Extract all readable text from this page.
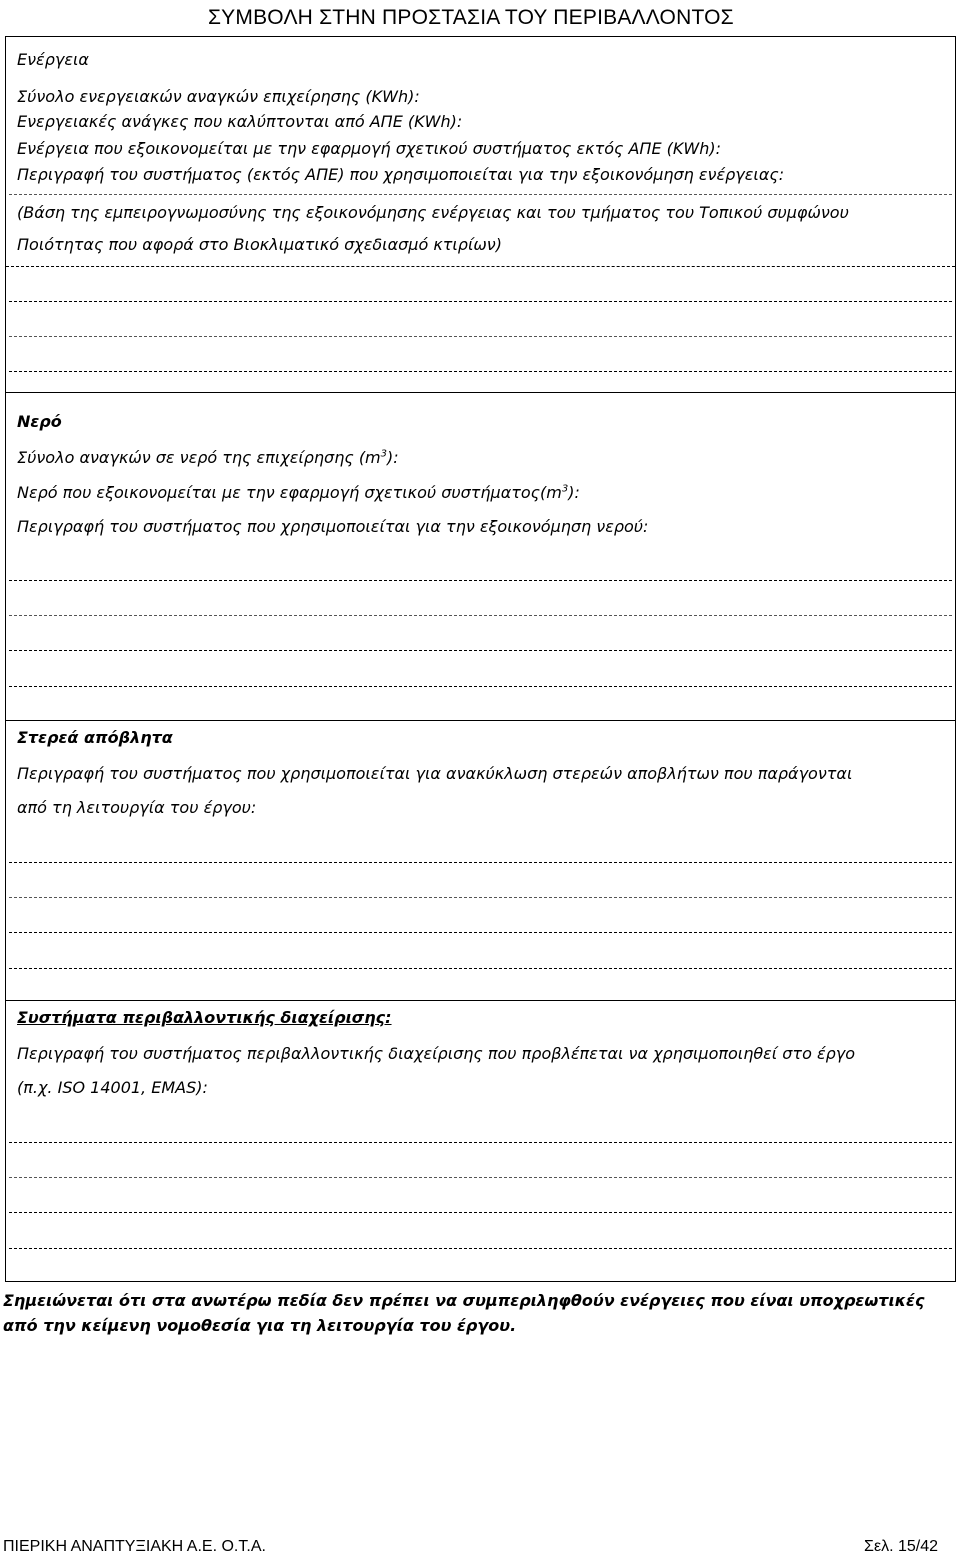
ΣΥΜΒΟΛΗ ΣΤΗΝ ΠΡΟΣΤΑΣΙΑ ΤΟΥ ΠΕΡΙΒΑΛΛΟΝΤΟΣ
Ενέργεια
Σύνολο ενεργειακών αναγκών επιχείρησης (KWh):
Ενεργειακές ανάγκες που καλύπτονται από ΑΠΕ (KWh):
Ενέργεια που εξοικονομείται με την εφαρμογή σχετικού συστήματος εκτός ΑΠΕ (KWh):
Περιγραφή του συστήματος (εκτός ΑΠΕ) που χρησιμοποιείται για την εξοικονόμηση ενέργειας:
(Βάση της εμπειρογνωμοσύνης της εξοικονόμησης ενέργειας και του τμήματος του Τοπικού συμφώνου
Ποιότητας που αφορά στο Βιοκλιματικό σχεδιασμό κτιρίων)
Νερό
Σύνολο αναγκών σε νερό της επιχείρησης $(m^3)$:
Νερό που εξοικονομείται με την εφαρμογή σχετικού $\sigma\upsilon\sigma\tau ή\mu\alpha\tau o\varsigma(m^3)$:
Περιγραφή του συστήματος που χρησιμοποιείται για την εξοικονόμηση νερού:
Στερεά απόβλητα
Περιγραφή του συστήματος που χρησιμοποιείται για ανακύκλωση στερεών αποβλήτων που παράγονται
από τη λειτουργία του έργου:
Συστήματα περιβαλλοντικής διαχείρισης:
Περιγραφή του συστήματος περιβαλλοντικής διαχείρισης που προβλέπεται να χρησιμοποιηθεί στο έργο
(π.χ. ISO 14001, EMAS):
Σημειώνεται ότι στα ανωτέρω πεδία δεν πρέπει να συμπεριληφθούν ενέργειες που είναι υποχρεωτικές από την κείμενη νομοθεσία για τη λειτουργία του έργου.
ΠΙΕΡΙΚΗ ΑΝΑΠΤΥΞΙΑΚΗ Α.Ε. Ο.Τ.Α.	Σελ. 15/42
